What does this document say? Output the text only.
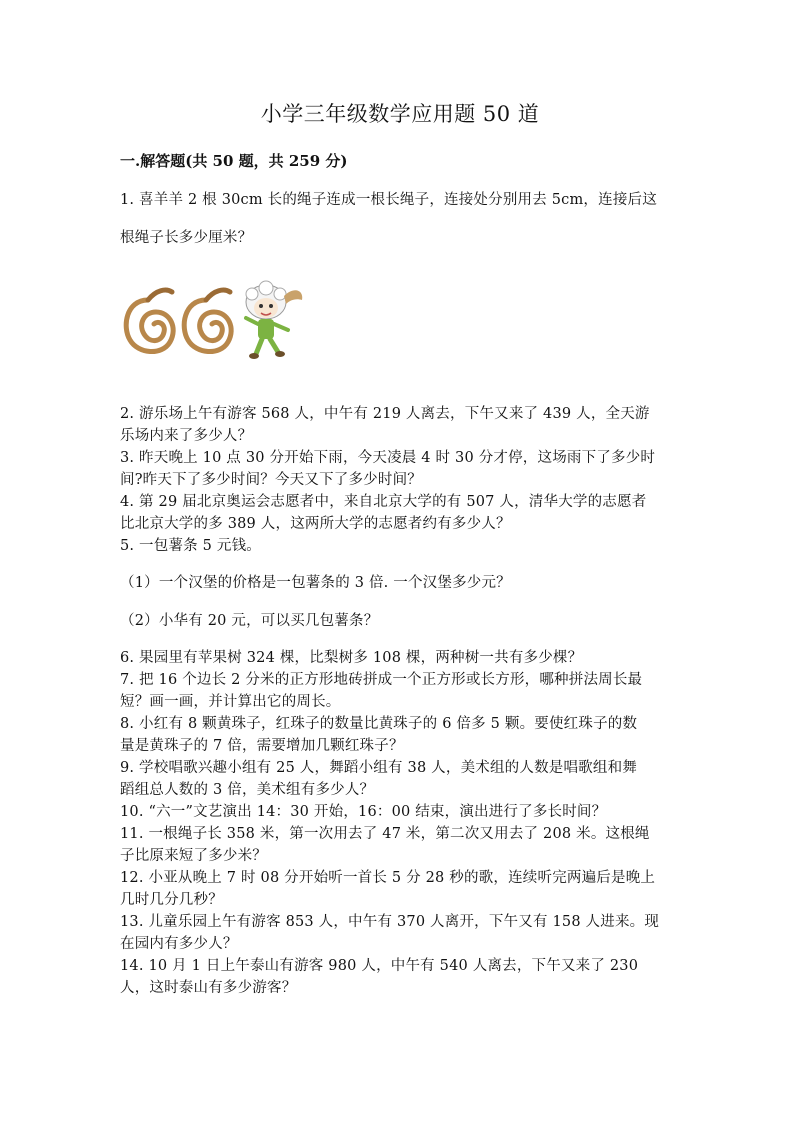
小学三年级数学应用题 50 道
一.解答题(共 50 题，共 259 分)
1. 喜羊羊 2 根 30cm 长的绳子连成一根长绳子，连接处分别用去 5cm，连接后这
根绳子长多少厘米？
2. 游乐场上午有游客 568 人，中午有 219 人离去，下午又来了 439 人，全天游
乐场内来了多少人？
3. 昨天晚上 10 点 30 分开始下雨，今天凌晨 4 时 30 分才停，这场雨下了多少时
间?昨天下了多少时间？今天又下了多少时间？
4. 第 29 届北京奥运会志愿者中，来自北京大学的有 507 人，清华大学的志愿者
比北京大学的多 389 人，这两所大学的志愿者约有多少人？
5. 一包薯条 5 元钱。
（1）一个汉堡的价格是一包薯条的 3 倍. 一个汉堡多少元？
（2）小华有 20 元，可以买几包薯条？
6. 果园里有苹果树 324 棵，比梨树多 108 棵，两种树一共有多少棵？
7. 把 16 个边长 2 分米的正方形地砖拼成一个正方形或长方形，哪种拼法周长最
短？画一画，并计算出它的周长。
8. 小红有 8 颗黄珠子，红珠子的数量比黄珠子的 6 倍多 5 颗。要使红珠子的数
量是黄珠子的 7 倍，需要增加几颗红珠子？
9. 学校唱歌兴趣小组有 25 人，舞蹈小组有 38 人，美术组的人数是唱歌组和舞
蹈组总人数的 3 倍，美术组有多少人？
10. “六一”文艺演出 14：30 开始，16：00 结束，演出进行了多长时间？
11. 一根绳子长 358 米，第一次用去了 47 米，第二次又用去了 208 米。这根绳
子比原来短了多少米？
12. 小亚从晚上 7 时 08 分开始听一首长 5 分 28 秒的歌，连续听完两遍后是晚上
几时几分几秒？
13. 儿童乐园上午有游客 853 人，中午有 370 人离开，下午又有 158 人进来。现
在园内有多少人？
14. 10 月 1 日上午泰山有游客 980 人，中午有 540 人离去，下午又来了 230
人，这时泰山有多少游客？
